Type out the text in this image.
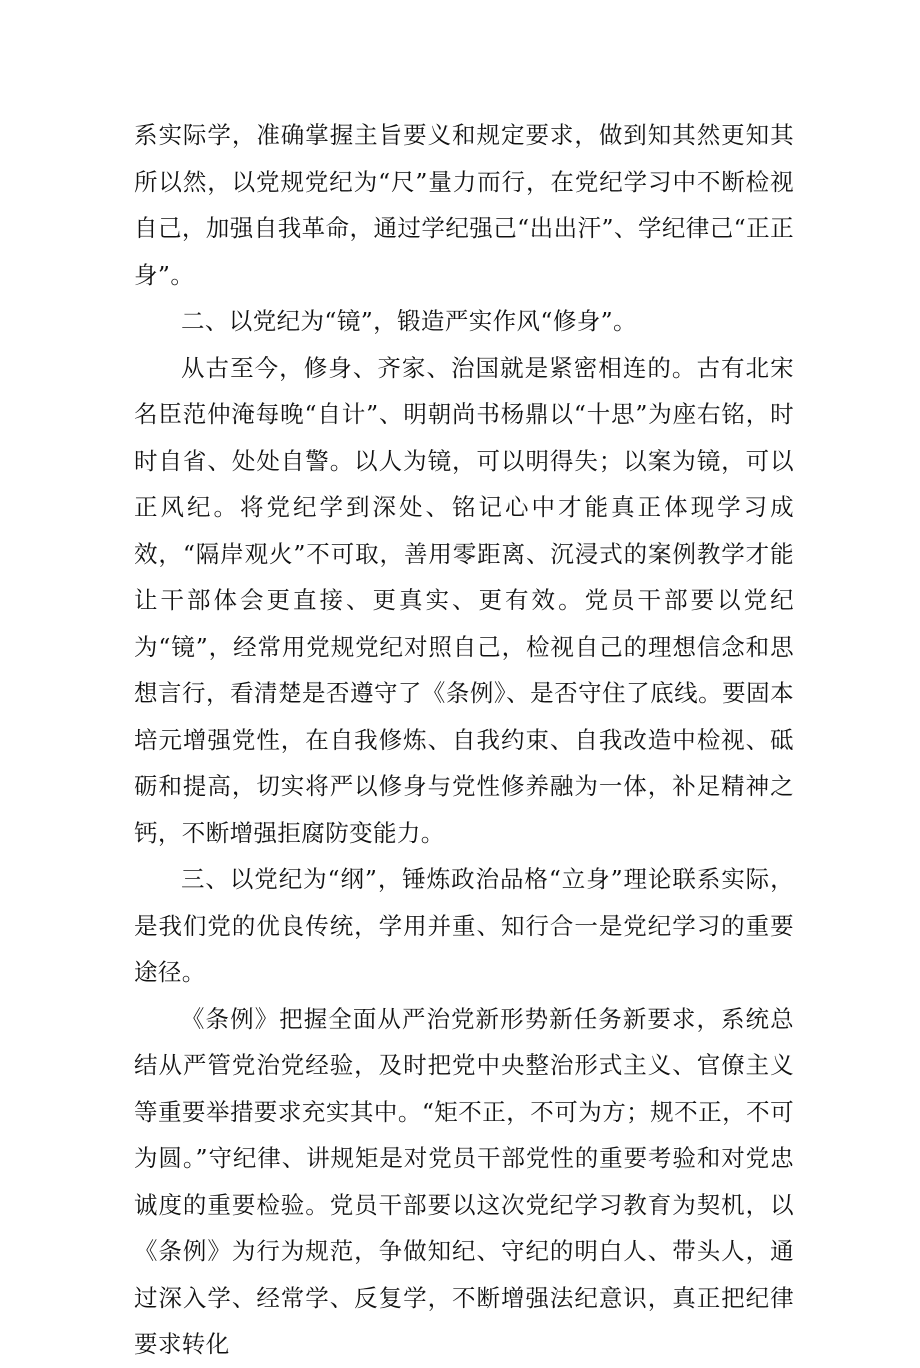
系实际学，准确掌握主旨要义和规定要求，做到知其然更知其所以然，以党规党纪为“尺”量力而行，在党纪学习中不断检视自己，加强自我革命，通过学纪强己“出出汗”、学纪律己“正正身”。

二、以党纪为“镜”，锻造严实作风“修身”。

从古至今，修身、齐家、治国就是紧密相连的。古有北宋名臣范仲淹每晚“自计”、明朝尚书杨鼎以“十思”为座右铭，时时自省、处处自警。以人为镜，可以明得失；以案为镜，可以正风纪。将党纪学到深处、铭记心中才能真正体现学习成效，“隔岸观火”不可取，善用零距离、沉浸式的案例教学才能让干部体会更直接、更真实、更有效。党员干部要以党纪为“镜”，经常用党规党纪对照自己，检视自己的理想信念和思想言行，看清楚是否遵守了《条例》、是否守住了底线。要固本培元增强党性，在自我修炼、自我约束、自我改造中检视、砥砺和提高，切实将严以修身与党性修养融为一体，补足精神之钙，不断增强拒腐防变能力。

三、以党纪为“纲”，锤炼政治品格“立身”理论联系实际，是我们党的优良传统，学用并重、知行合一是党纪学习的重要途径。

《条例》把握全面从严治党新形势新任务新要求，系统总结从严管党治党经验，及时把党中央整治形式主义、官僚主义等重要举措要求充实其中。“矩不正，不可为方；规不正，不可为圆。”守纪律、讲规矩是对党员干部党性的重要考验和对党忠诚度的重要检验。党员干部要以这次党纪学习教育为契机，以《条例》为行为规范，争做知纪、守纪的明白人、带头人，通过深入学、经常学、反复学，不断增强法纪意识，真正把纪律要求转化
